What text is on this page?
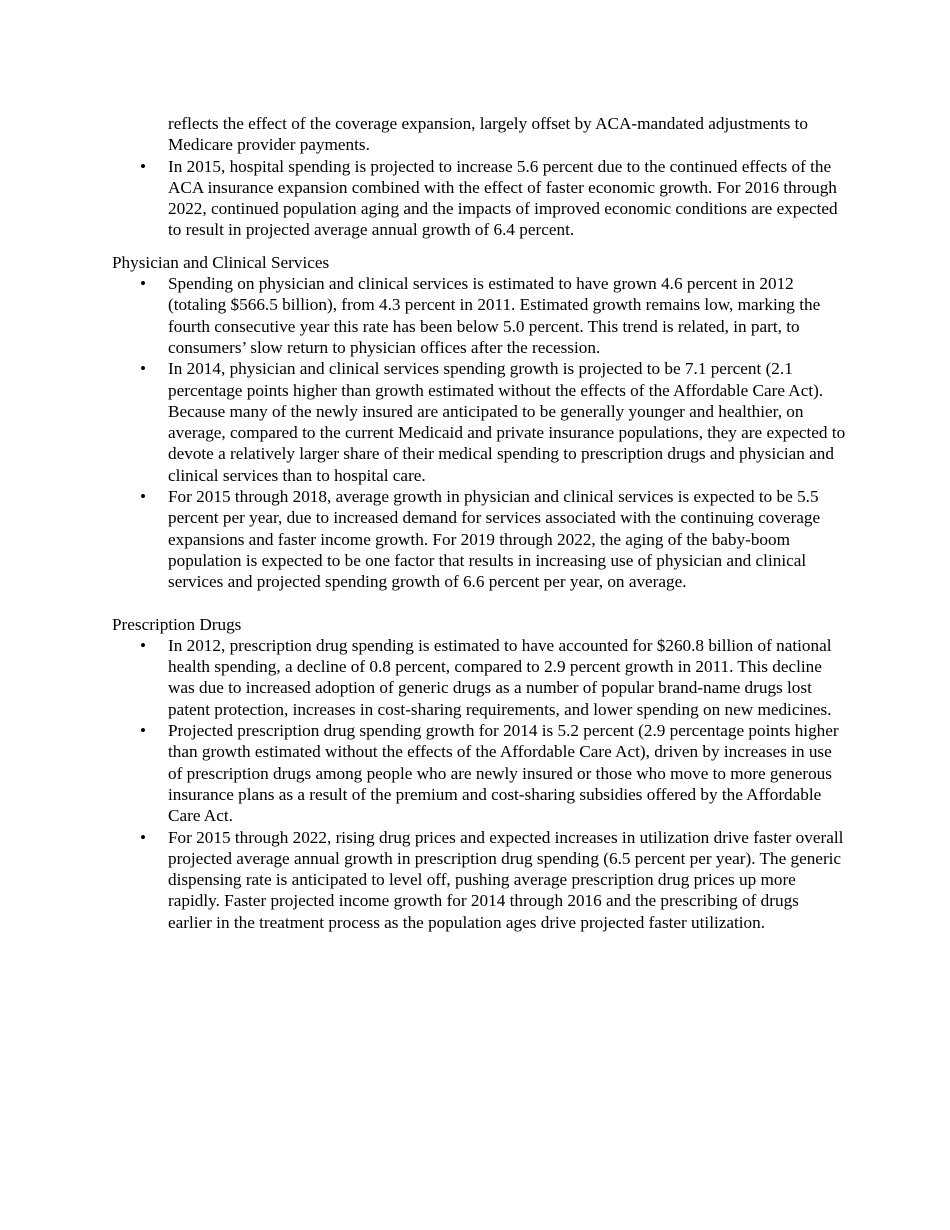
reflects the effect of the coverage expansion, largely offset by ACA-mandated adjustments to Medicare provider payments.

• In 2015, hospital spending is projected to increase 5.6 percent due to the continued effects of the ACA insurance expansion combined with the effect of faster economic growth. For 2016 through 2022, continued population aging and the impacts of improved economic conditions are expected to result in projected average annual growth of 6.4 percent.

Physician and Clinical Services

• Spending on physician and clinical services is estimated to have grown 4.6 percent in 2012 (totaling $566.5 billion), from 4.3 percent in 2011. Estimated growth remains low, marking the fourth consecutive year this rate has been below 5.0 percent. This trend is related, in part, to consumers’ slow return to physician offices after the recession.
• In 2014, physician and clinical services spending growth is projected to be 7.1 percent (2.1 percentage points higher than growth estimated without the effects of the Affordable Care Act). Because many of the newly insured are anticipated to be generally younger and healthier, on average, compared to the current Medicaid and private insurance populations, they are expected to devote a relatively larger share of their medical spending to prescription drugs and physician and clinical services than to hospital care.
• For 2015 through 2018, average growth in physician and clinical services is expected to be 5.5 percent per year, due to increased demand for services associated with the continuing coverage expansions and faster income growth. For 2019 through 2022, the aging of the baby-boom population is expected to be one factor that results in increasing use of physician and clinical services and projected spending growth of 6.6 percent per year, on average.

Prescription Drugs

• In 2012, prescription drug spending is estimated to have accounted for $260.8 billion of national health spending, a decline of 0.8 percent, compared to 2.9 percent growth in 2011. This decline was due to increased adoption of generic drugs as a number of popular brand-name drugs lost patent protection, increases in cost-sharing requirements, and lower spending on new medicines.
• Projected prescription drug spending growth for 2014 is 5.2 percent (2.9 percentage points higher than growth estimated without the effects of the Affordable Care Act), driven by increases in use of prescription drugs among people who are newly insured or those who move to more generous insurance plans as a result of the premium and cost-sharing subsidies offered by the Affordable Care Act.
• For 2015 through 2022, rising drug prices and expected increases in utilization drive faster overall projected average annual growth in prescription drug spending (6.5 percent per year). The generic dispensing rate is anticipated to level off, pushing average prescription drug prices up more rapidly. Faster projected income growth for 2014 through 2016 and the prescribing of drugs earlier in the treatment process as the population ages drive projected faster utilization.
